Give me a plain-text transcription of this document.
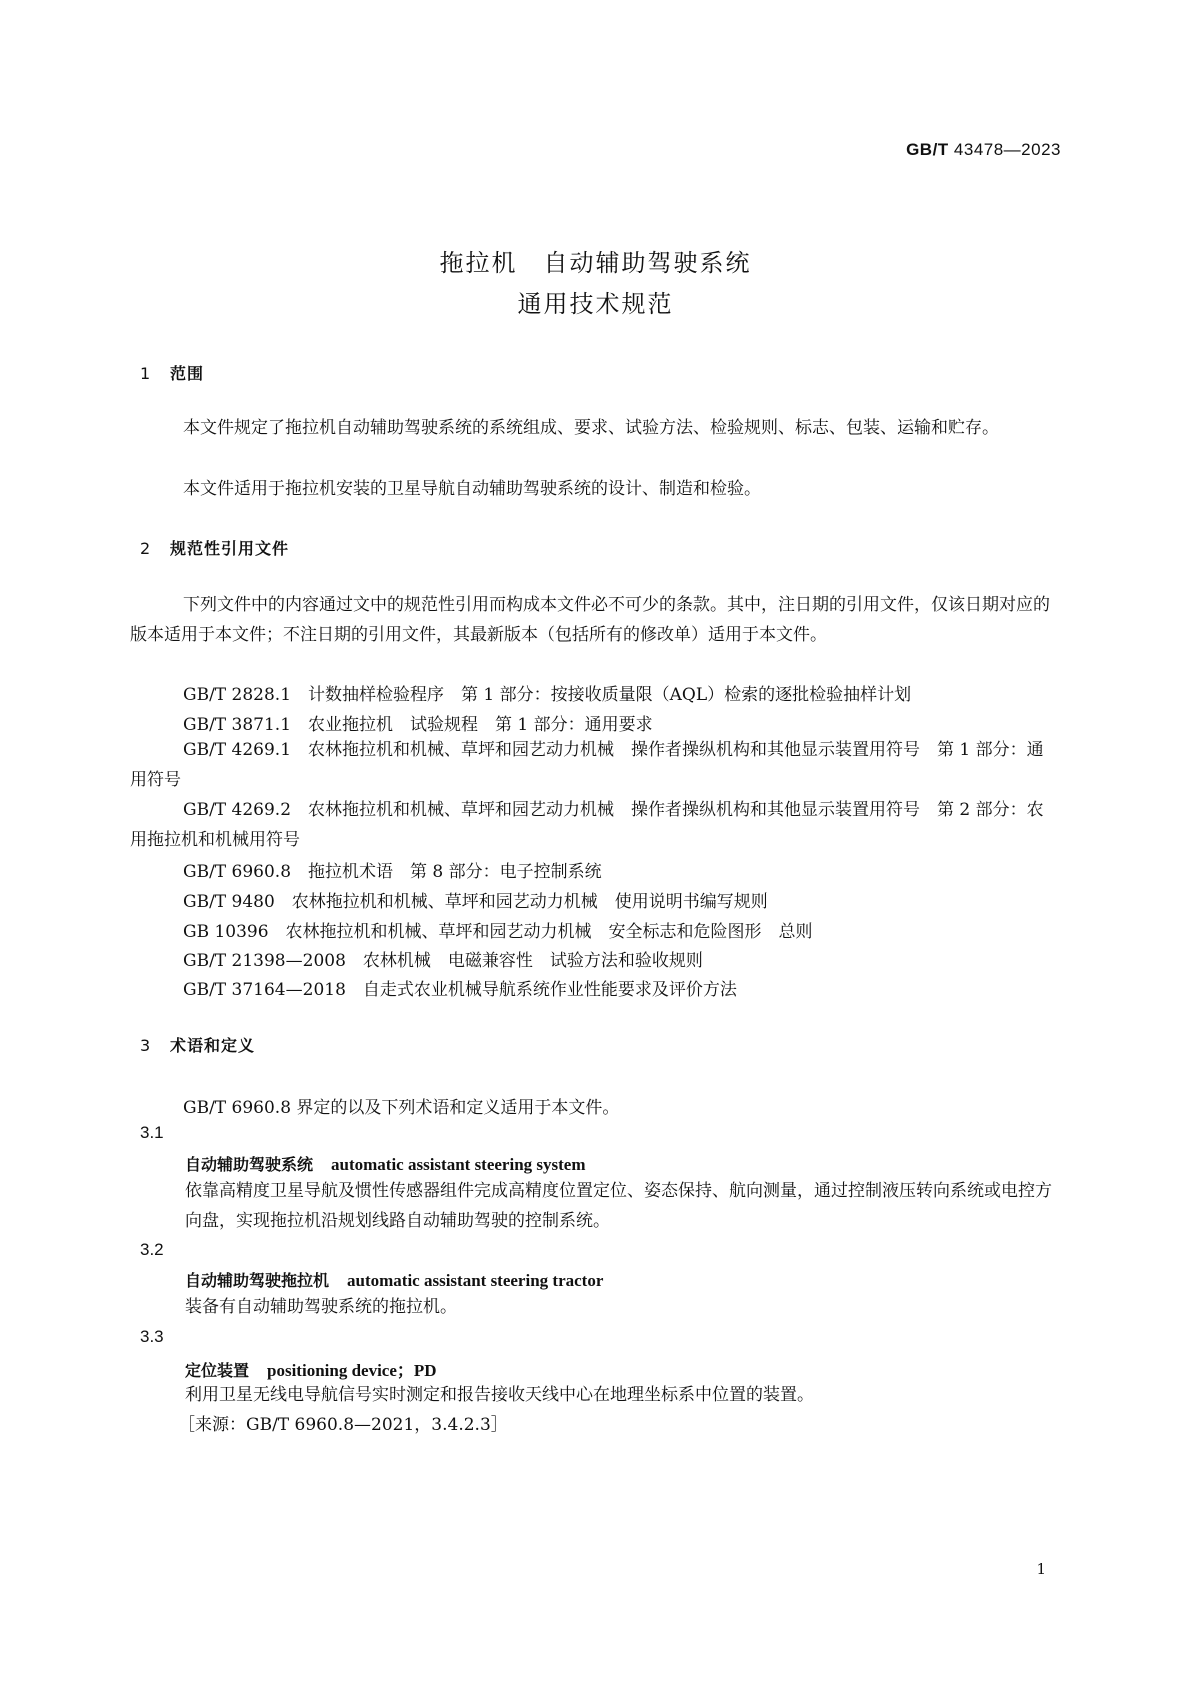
GB/T 43478—2023
拖拉机　自动辅助驾驶系统
通用技术规范
1 范围
本文件规定了拖拉机自动辅助驾驶系统的系统组成、要求、试验方法、检验规则、标志、包装、运输和贮存。
本文件适用于拖拉机安装的卫星导航自动辅助驾驶系统的设计、制造和检验。
2 规范性引用文件
下列文件中的内容通过文中的规范性引用而构成本文件必不可少的条款。其中，注日期的引用文件，仅该日期对应的版本适用于本文件；不注日期的引用文件，其最新版本（包括所有的修改单）适用于本文件。
GB/T 2828.1　计数抽样检验程序　第 1 部分：按接收质量限（AQL）检索的逐批检验抽样计划
GB/T 3871.1　农业拖拉机　试验规程　第 1 部分：通用要求
GB/T 4269.1　农林拖拉机和机械、草坪和园艺动力机械　操作者操纵机构和其他显示装置用符号　第 1 部分：通用符号
GB/T 4269.2　农林拖拉机和机械、草坪和园艺动力机械　操作者操纵机构和其他显示装置用符号　第 2 部分：农用拖拉机和机械用符号
GB/T 6960.8　拖拉机术语　第 8 部分：电子控制系统
GB/T 9480　农林拖拉机和机械、草坪和园艺动力机械　使用说明书编写规则
GB 10396　农林拖拉机和机械、草坪和园艺动力机械　安全标志和危险图形　总则
GB/T 21398—2008　农林机械　电磁兼容性　试验方法和验收规则
GB/T 37164—2018　自走式农业机械导航系统作业性能要求及评价方法
3 术语和定义
GB/T 6960.8 界定的以及下列术语和定义适用于本文件。
3.1
自动辅助驾驶系统 automatic assistant steering system
依靠高精度卫星导航及惯性传感器组件完成高精度位置定位、姿态保持、航向测量，通过控制液压转向系统或电控方向盘，实现拖拉机沿规划线路自动辅助驾驶的控制系统。
3.2
自动辅助驾驶拖拉机 automatic assistant steering tractor
装备有自动辅助驾驶系统的拖拉机。
3.3
定位装置 positioning device；PD
利用卫星无线电导航信号实时测定和报告接收天线中心在地理坐标系中位置的装置。
［来源：GB/T 6960.8—2021，3.4.2.3］
1
